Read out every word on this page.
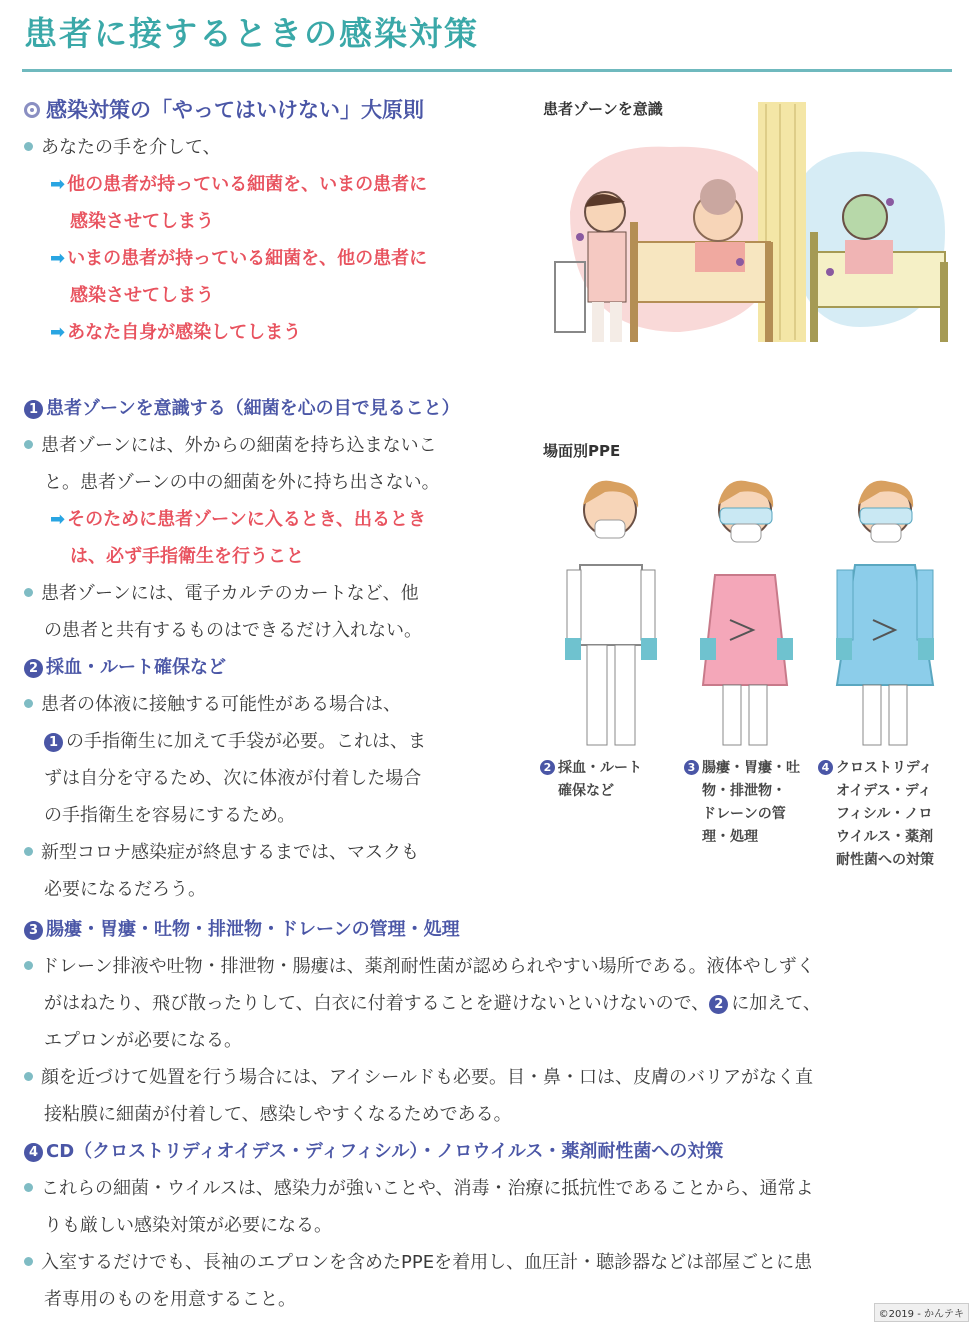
患者に接するときの感染対策
感染対策の「やってはいけない」大原則
あなたの手を介して、
➡ 他の患者が持っている細菌を、いまの患者に
感染させてしまう
➡ いまの患者が持っている細菌を、他の患者に
感染させてしまう
➡ あなた自身が感染してしまう
1 患者ゾーンを意識する（細菌を心の目で見ること）
患者ゾーンには、外からの細菌を持ち込まないこ
と。患者ゾーンの中の細菌を外に持ち出さない。
➡ そのために患者ゾーンに入るとき、出るとき
は、必ず手指衛生を行うこと
患者ゾーンには、電子カルテのカートなど、他
の患者と共有するものはできるだけ入れない。
2 採血・ルート確保など
患者の体液に接触する可能性がある場合は、
1 の手指衛生に加えて手袋が必要。これは、ま
ずは自分を守るため、次に体液が付着した場合
の手指衛生を容易にするため。
新型コロナ感染症が終息するまでは、マスクも
必要になるだろう。
患者ゾーンを意識
場面別PPE
2 採血・ルート
確保など
3 腸瘻・胃瘻・吐
物・排泄物・
ドレーンの管
理・処理
4 クロストリディ
オイデス・ディ
フィシル・ノロ
ウイルス・薬剤
耐性菌への対策
3 腸瘻・胃瘻・吐物・排泄物・ドレーンの管理・処理
ドレーン排液や吐物・排泄物・腸瘻は、薬剤耐性菌が認められやすい場所である。液体やしずく
がはねたり、飛び散ったりして、白衣に付着することを避けないといけないので、 2 に加えて、
エプロンが必要になる。
顔を近づけて処置を行う場合には、アイシールドも必要。目・鼻・口は、皮膚のバリアがなく直
接粘膜に細菌が付着して、感染しやすくなるためである。
4 CD（クロストリディオイデス・ディフィシル）・ノロウイルス・薬剤耐性菌への対策
これらの細菌・ウイルスは、感染力が強いことや、消毒・治療に抵抗性であることから、通常よ
りも厳しい感染対策が必要になる。
入室するだけでも、長袖のエプロンを含めたPPEを着用し、血圧計・聴診器などは部屋ごとに患
者専用のものを用意すること。
©2019 - かんテキ
